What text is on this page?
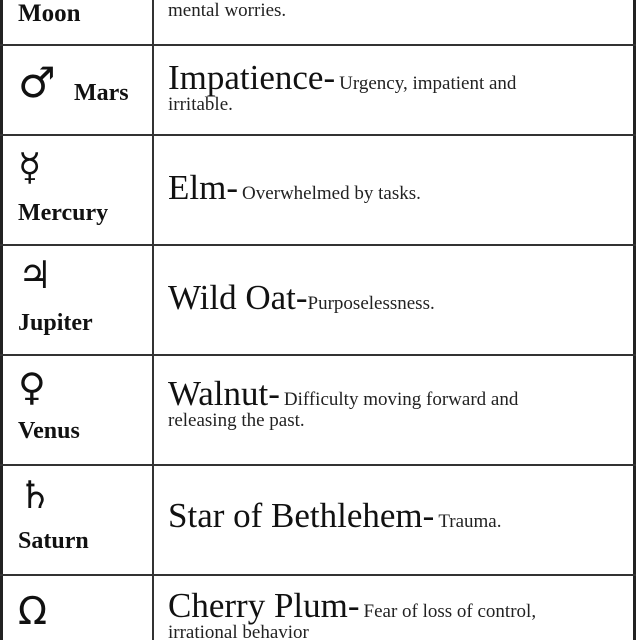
Moon	mental worries.
♂ Mars Impatience- Urgency, impatient and
irritable.
☿
Mercury
Elm- Overwhelmed by tasks.
♃
Jupiter
Wild Oat-Purposelessness.
♀
Venus
Walnut- Difficulty moving forward and
releasing the past.
♄
Saturn
Star of Bethlehem- Trauma.
Ω	Cherry Plum- Fear of loss of control,
irrational behavior
